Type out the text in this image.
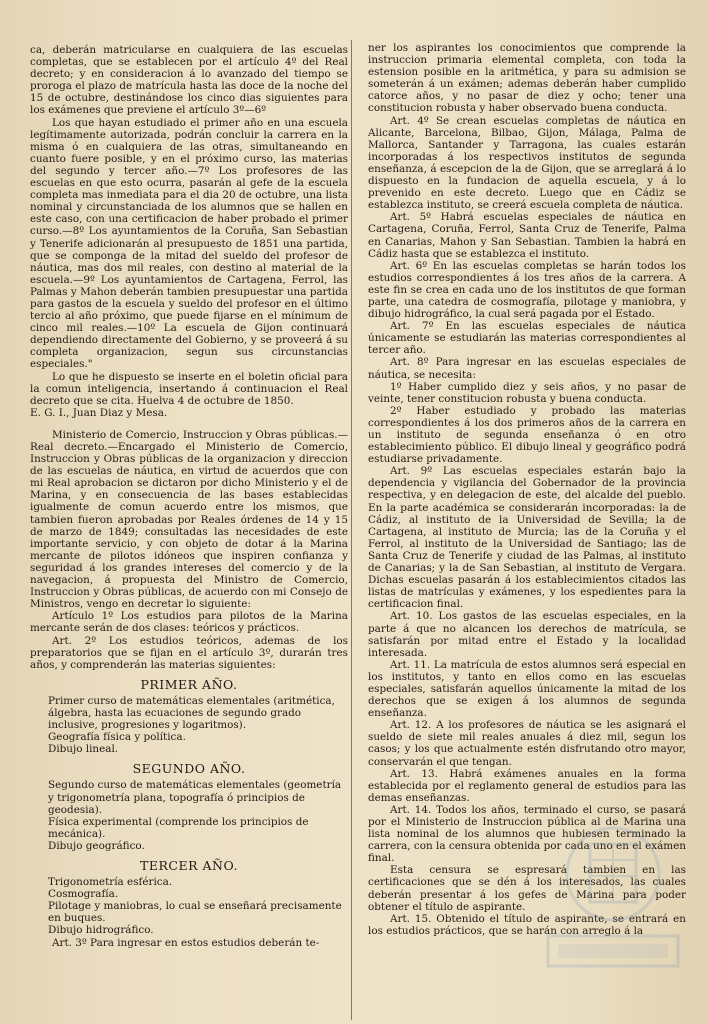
ca, deberán matricularse en cualquiera de las escuelas completas, que se establecen por el artículo 4º del Real decreto; y en consideracion á lo avanzado del tiempo se proroga el plazo de matrícula hasta las doce de la noche del 15 de octubre, destinándose los cinco dias siguientes para los exámenes que previene el artículo 3º—6º

Los que hayan estudiado el primer año en una escuela legítimamente autorizada, podrán concluir la carrera en la misma ó en cualquiera de las otras, simultaneando en cuanto fuere posible, y en el próximo curso, las materias del segundo y tercer año.—7º Los profesores de las escuelas en que esto ocurra, pasarán al gefe de la escuela completa mas inmediata para el dia 20 de octubre, una lista nominal y circunstanciada de los alumnos que se hallen en este caso, con una certificacion de haber probado el primer curso.—8º Los ayuntamientos de la Coruña, San Sebastian y Tenerife adicionarán al presupuesto de 1851 una partida, que se componga de la mitad del sueldo del profesor de náutica, mas dos mil reales, con destino al material de la escuela.—9º Los ayuntamientos de Cartagena, Ferrol, las Palmas y Mahon deberán tambien presupuestar una partida para gastos de la escuela y sueldo del profesor en el último tercio al año próximo, que puede fijarse en el mínimum de cinco mil reales.—10º La escuela de Gijon continuará dependiendo directamente del Gobierno, y se proveerá á su completa organizacion, segun sus circunstancias especiales."

Lo que he dispuesto se inserte en el boletin oficial para la comun inteligencia, insertando á continuacion el Real decreto que se cita. Huelva 4 de octubre de 1850.

E. G. I., Juan Diaz y Mesa.

Ministerio de Comercio, Instruccion y Obras públicas.—Real decreto.—Encargado el Ministerio de Comercio, Instruccion y Obras públicas de la organizacion y direccion de las escuelas de náutica, en virtud de acuerdos que con mi Real aprobacion se dictaron por dicho Ministerio y el de Marina, y en consecuencia de las bases establecidas igualmente de comun acuerdo entre los mismos, que tambien fueron aprobadas por Reales órdenes de 14 y 15 de marzo de 1849; consultadas las necesidades de este importante servicio, y con objeto de dotar á la Marina mercante de pilotos idóneos que inspiren confianza y seguridad á los grandes intereses del comercio y de la navegacion, á propuesta del Ministro de Comercio, Instruccion y Obras públicas, de acuerdo con mi Consejo de Ministros, vengo en decretar lo siguiente:

Artículo 1º Los estudios para pilotos de la Marina mercante serán de dos clases: teóricos y prácticos.

Art. 2º Los estudios teóricos, ademas de los preparatorios que se fijan en el artículo 3º, durarán tres años, y comprenderán las materias siguientes:

PRIMER AÑO.

Primer curso de matemáticas elementales (aritmética, álgebra, hasta las ecuaciones de segundo grado inclusive, progresiones y logaritmos).

Geografía física y política.

Dibujo lineal.

SEGUNDO AÑO.

Segundo curso de matemáticas elementales (geometría y trigonometría plana, topografía ó principios de geodesia).

Física experimental (comprende los principios de mecánica).

Dibujo geográfico.

TERCER AÑO.

Trigonometría esférica.

Cosmografía.

Pilotage y maniobras, lo cual se enseñará precisamente en buques.

Dibujo hidrográfico.

Art. 3º Para ingresar en estos estudios deberán te-

ner los aspirantes los conocimientos que comprende la instruccion primaria elemental completa, con toda la estension posible en la aritmética, y para su admision se someterán á un exámen; ademas deberán haber cumplido catorce años, y no pasar de diez y ocho; tener una constitucion robusta y haber observado buena conducta.

Art. 4º Se crean escuelas completas de náutica en Alicante, Barcelona, Bilbao, Gijon, Málaga, Palma de Mallorca, Santander y Tarragona, las cuales estarán incorporadas á los respectivos institutos de segunda enseñanza, á escepcion de la de Gijon, que se arreglará á lo dispuesto en la fundacion de aquella escuela, y á lo prevenido en este decreto. Luego que en Cádiz se establezca instituto, se creerá escuela completa de náutica.

Art. 5º Habrá escuelas especiales de náutica en Cartagena, Coruña, Ferrol, Santa Cruz de Tenerife, Palma en Canarias, Mahon y San Sebastian. Tambien la habrá en Cádiz hasta que se establezca el instituto.

Art. 6º En las escuelas completas se harán todos los estudios correspondientes á los tres años de la carrera. A este fin se crea en cada uno de los institutos de que forman parte, una catedra de cosmografía, pilotage y maniobra, y dibujo hidrográfico, la cual será pagada por el Estado.

Art. 7º En las escuelas especiales de náutica únicamente se estudiarán las materias correspondientes al tercer año.

Art. 8º Para ingresar en las escuelas especiales de náutica, se necesita:

1º Haber cumplido diez y seis años, y no pasar de veinte, tener constitucion robusta y buena conducta.

2º Haber estudiado y probado las materias correspondientes á los dos primeros años de la carrera en un instituto de segunda enseñanza ó en otro establecimiento público. El dibujo lineal y geográfico podrá estudiarse privadamente.

Art. 9º Las escuelas especiales estarán bajo la dependencia y vigilancia del Gobernador de la provincia respectiva, y en delegacion de este, del alcalde del pueblo. En la parte académica se considerarán incorporadas: la de Cádiz, al instituto de la Universidad de Sevilla; la de Cartagena, al instituto de Murcia; las de la Coruña y el Ferrol, al instituto de la Universidad de Santiago; las de Santa Cruz de Tenerife y ciudad de las Palmas, al instituto de Canarias; y la de San Sebastian, al instituto de Vergara. Dichas escuelas pasarán á los establecimientos citados las listas de matrículas y exámenes, y los espedientes para la certificacion final.

Art. 10. Los gastos de las escuelas especiales, en la parte á que no alcancen los derechos de matrícula, se satisfarán por mitad entre el Estado y la localidad interesada.

Art. 11. La matrícula de estos alumnos será especial en los institutos, y tanto en ellos como en las escuelas especiales, satisfarán aquellos únicamente la mitad de los derechos que se exigen á los alumnos de segunda enseñanza.

Art. 12. A los profesores de náutica se les asignará el sueldo de siete mil reales anuales á diez mil, segun los casos; y los que actualmente estén disfrutando otro mayor, conservarán el que tengan.

Art. 13. Habrá exámenes anuales en la forma establecida por el reglamento general de estudios para las demas enseñanzas.

Art. 14. Todos los años, terminado el curso, se pasará por el Ministerio de Instruccion pública al de Marina una lista nominal de los alumnos que hubiesen terminado la carrera, con la censura obtenida por cada uno en el exámen final.

Esta censura se espresará tambien en las certificaciones que se dén á los interesados, las cuales deberán presentar á los gefes de Marina para poder obtener el título de aspirante.

Art. 15. Obtenido el título de aspirante, se entrará en los estudios prácticos, que se harán con arreglo á la
